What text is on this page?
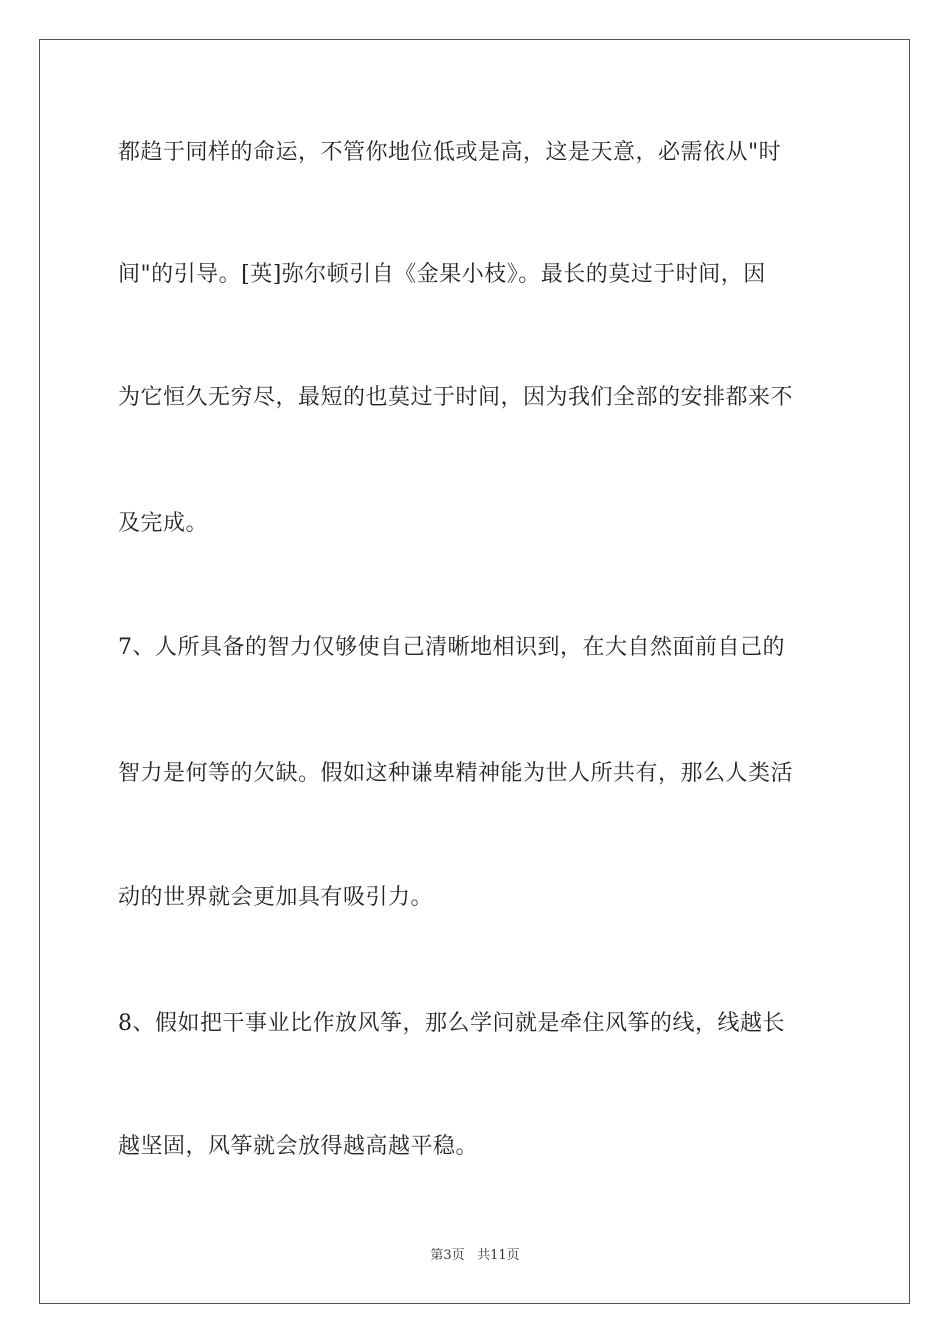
都趋于同样的命运，不管你地位低或是高，这是天意，必需依从"时
间"的引导。[英]弥尔顿引自《金果小枝》。最长的莫过于时间，因
为它恒久无穷尽，最短的也莫过于时间，因为我们全部的安排都来不
及完成。
7、人所具备的智力仅够使自己清晰地相识到，在大自然面前自己的
智力是何等的欠缺。假如这种谦卑精神能为世人所共有，那么人类活
动的世界就会更加具有吸引力。
8、假如把干事业比作放风筝，那么学问就是牵住风筝的线，线越长
越坚固，风筝就会放得越高越平稳。
第3页 共11页
